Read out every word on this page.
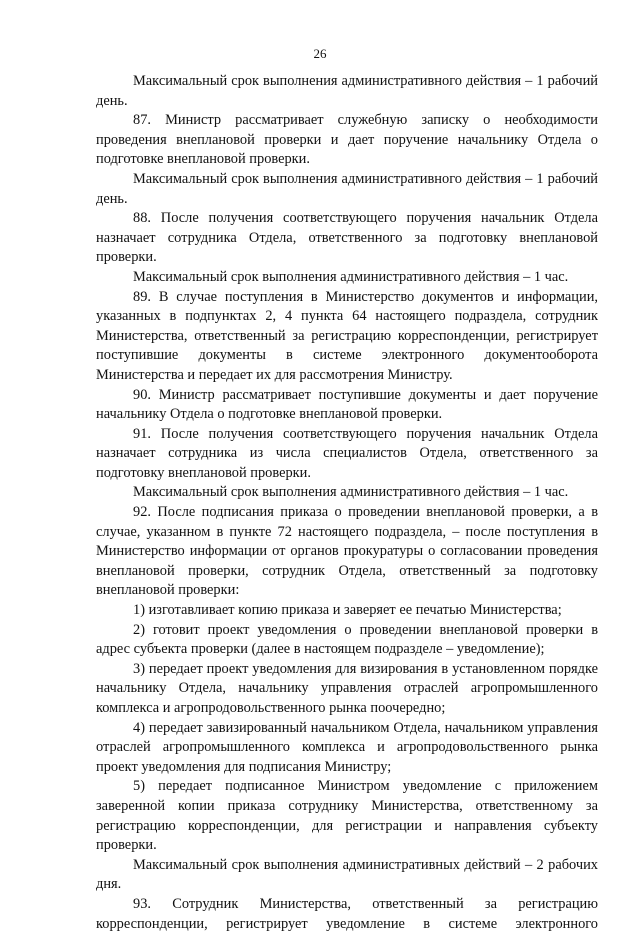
26

Максимальный срок выполнения административного действия – 1 рабочий день.

87. Министр рассматривает служебную записку о необходимости проведения внеплановой проверки и дает поручение начальнику Отдела о подготовке внеплановой проверки.

Максимальный срок выполнения административного действия – 1 рабочий день.

88. После получения соответствующего поручения начальник Отдела назначает сотрудника Отдела, ответственного за подготовку внеплановой проверки.

Максимальный срок выполнения административного действия – 1 час.

89. В случае поступления в Министерство документов и информации, указанных в подпунктах 2, 4 пункта 64 настоящего подраздела, сотрудник Министерства, ответственный за регистрацию корреспонденции, регистрирует поступившие документы в системе электронного документооборота Министерства и передает их для рассмотрения Министру.

90. Министр рассматривает поступившие документы и дает поручение начальнику Отдела о подготовке внеплановой проверки.

91. После получения соответствующего поручения начальник Отдела назначает сотрудника из числа специалистов Отдела, ответственного за подготовку внеплановой проверки.

Максимальный срок выполнения административного действия – 1 час.

92. После подписания приказа о проведении внеплановой проверки, а в случае, указанном в пункте 72 настоящего подраздела, – после поступления в Министерство информации от органов прокуратуры о согласовании проведения внеплановой проверки, сотрудник Отдела, ответственный за подготовку внеплановой проверки:

1) изготавливает копию приказа и заверяет ее печатью Министерства;

2) готовит проект уведомления о проведении внеплановой проверки в адрес субъекта проверки (далее в настоящем подразделе – уведомление);

3) передает проект уведомления для визирования в установленном порядке начальнику Отдела, начальнику управления отраслей агропромышленного комплекса и агропродовольственного рынка поочередно;

4) передает завизированный начальником Отдела, начальником управления отраслей агропромышленного комплекса и агропродовольственного рынка проект уведомления для подписания Министру;

5) передает подписанное Министром уведомление с приложением заверенной копии приказа сотруднику Министерства, ответственному за регистрацию корреспонденции, для регистрации и направления субъекту проверки.

Максимальный срок выполнения административных действий – 2 рабочих дня.

93. Сотрудник Министерства, ответственный за регистрацию корреспонденции, регистрирует уведомление в системе электронного
